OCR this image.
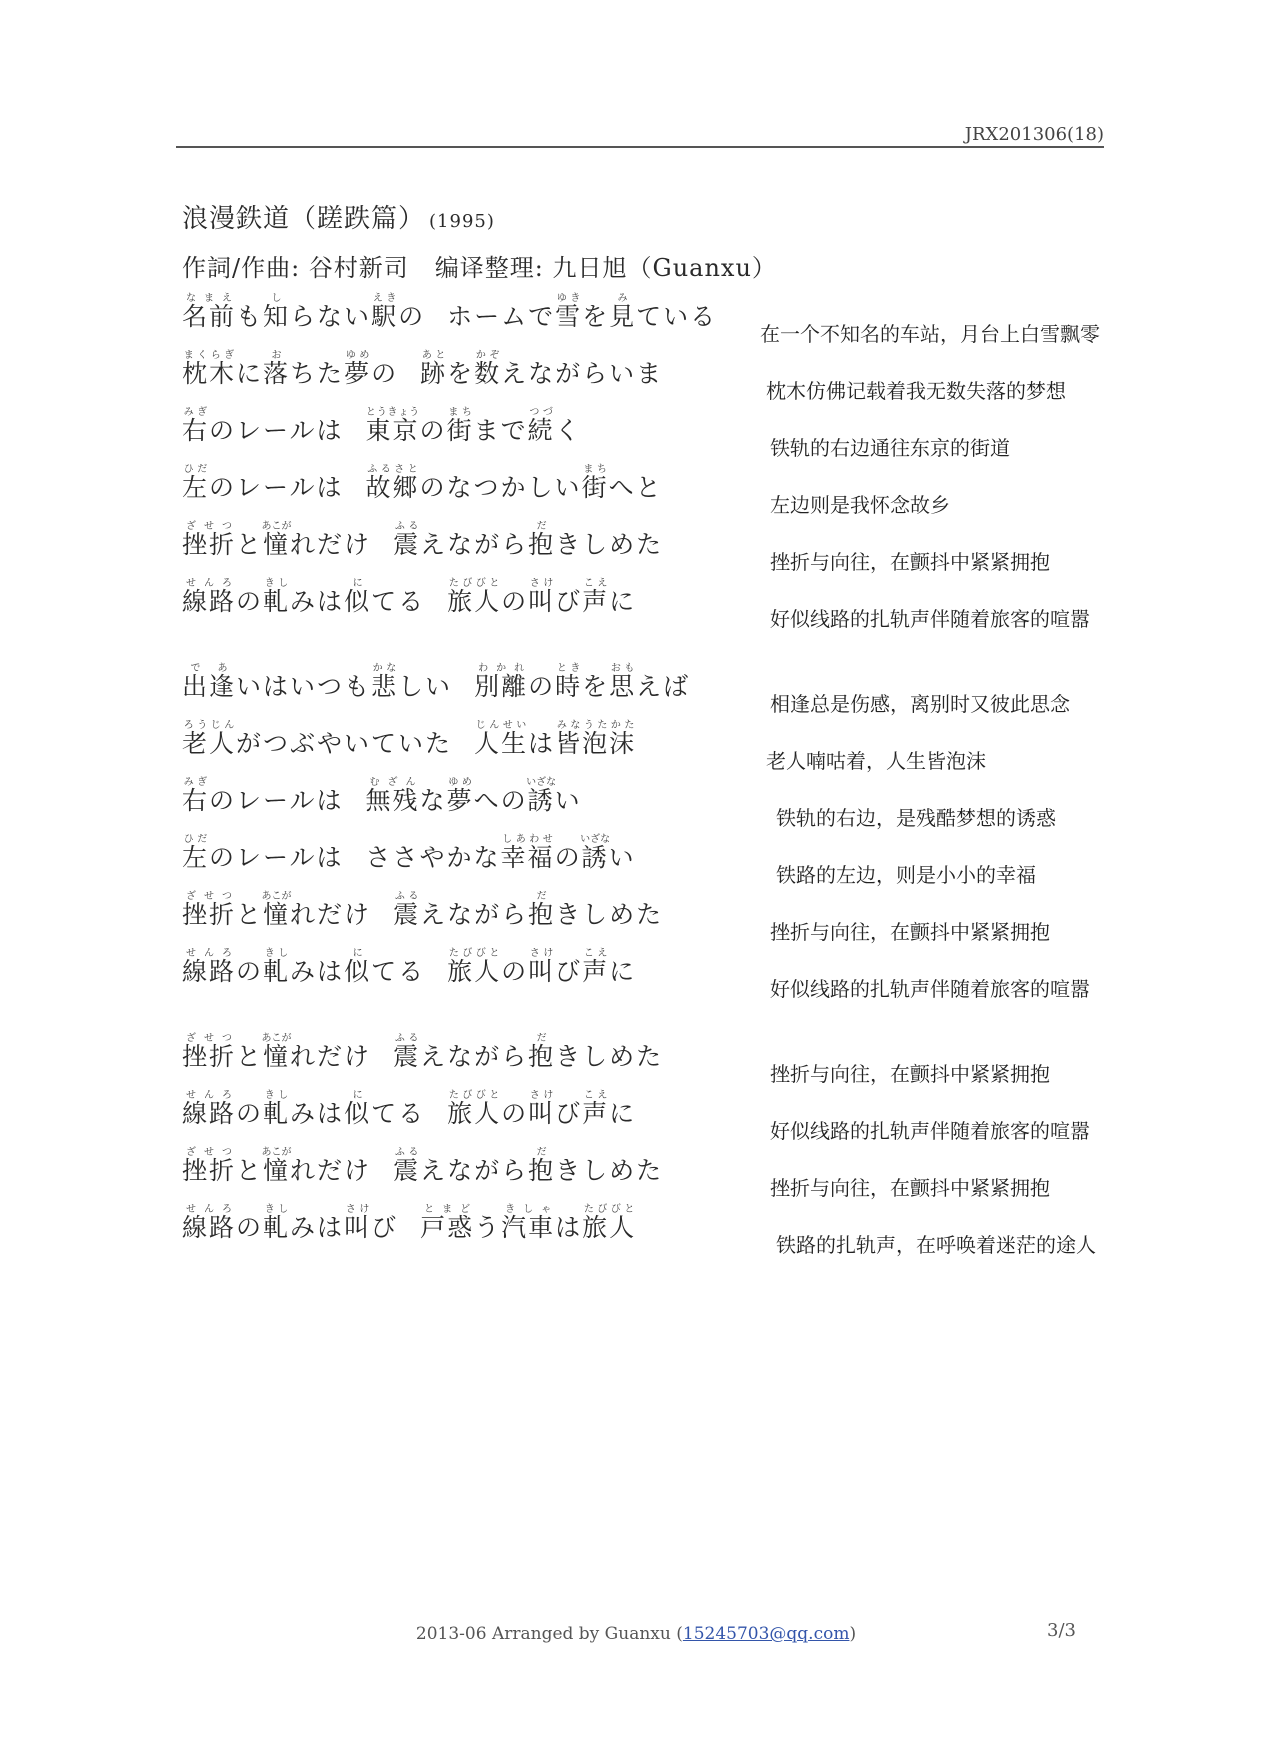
JRX201306(18)
浪漫鉄道（蹉跌篇） (1995)
作詞/作曲: 谷村新司 编译整理: 九日旭（Guanxu）
名前なまえも知しらない駅えきの ホームで雪ゆきを見みている
在一个不知名的车站，月台上白雪飘零
枕木まくらぎに落おちた夢ゆめの 跡あとを数かぞえながらいま
枕木仿佛记载着我无数失落的梦想
右みぎのレールは 東京とうきょうの街まちまで続つづく
铁轨的右边通往东京的街道
左ひだのレールは 故郷ふるさとのなつかしい街まちへと
左边则是我怀念故乡
挫折ざせつと憧あこがれだけ 震ふるえながら抱だきしめた
挫折与向往，在颤抖中紧紧拥抱
線路せんろの軋きしみは似にてる 旅人たびびとの叫さけび声こえに
好似线路的扎轨声伴随着旅客的喧嚣
出逢であいはいつも悲かなしい 別離わかれの時ときを思おもえば
相逢总是伤感，离别时又彼此思念
老人ろうじんがつぶやいていた 人生じんせいは皆泡沫みなうたかた
老人喃咕着，人生皆泡沫
右みぎのレールは 無残むざんな夢ゆめへの誘いざない
铁轨的右边，是残酷梦想的诱惑
左ひだのレールは ささやかな幸福しあわせの誘いざない
铁路的左边，则是小小的幸福
挫折ざせつと憧あこがれだけ 震ふるえながら抱だきしめた
挫折与向往，在颤抖中紧紧拥抱
線路せんろの軋きしみは似にてる 旅人たびびとの叫さけび声こえに
好似线路的扎轨声伴随着旅客的喧嚣
挫折ざせつと憧あこがれだけ 震ふるえながら抱だきしめた
挫折与向往，在颤抖中紧紧拥抱
線路せんろの軋きしみは似にてる 旅人たびびとの叫さけび声こえに
好似线路的扎轨声伴随着旅客的喧嚣
挫折ざせつと憧あこがれだけ 震ふるえながら抱だきしめた
挫折与向往，在颤抖中紧紧拥抱
線路せんろの軋きしみは叫さけび 戸惑とまどう汽車きしゃは旅人たびびと
铁路的扎轨声，在呼唤着迷茫的途人
2013-06 Arranged by Guanxu (15245703@qq.com)	3/3
